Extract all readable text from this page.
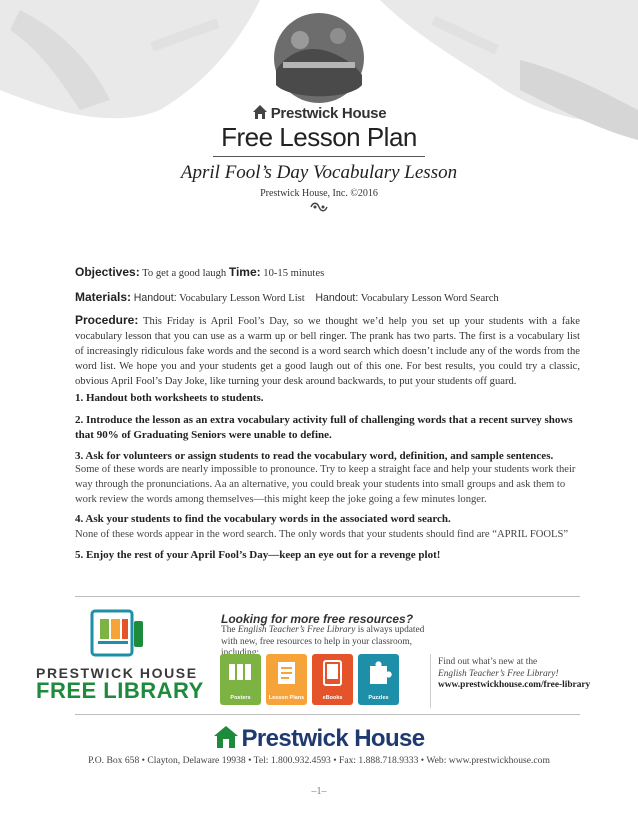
Prestwick House
Free Lesson Plan
April Fool’s Day Vocabulary Lesson
Prestwick House, Inc. ©2016
Objectives: To get a good laugh Time: 10-15 minutes
Materials: Handout: Vocabulary Lesson Word List Handout: Vocabulary Lesson Word Search
Procedure: This Friday is April Fool’s Day, so we thought we’d help you set up your students with a fake vocabulary lesson that you can use as a warm up or bell ringer. The prank has two parts. The first is a vocabulary list of increasingly ridiculous fake words and the second is a word search which doesn’t include any of the words from the word list. We hope you and your students get a good laugh out of this one. For best results, you could try a classic, obvious April Fool’s Day Joke, like turning your desk around backwards, to put your students off guard.
1. Handout both worksheets to students.
2. Introduce the lesson as an extra vocabulary activity full of challenging words that a recent survey shows that 90% of Graduating Seniors were unable to define.
3. Ask for volunteers or assign students to read the vocabulary word, definition, and sample sentences.
Some of these words are nearly impossible to pronounce. Try to keep a straight face and help your students work their way through the pronunciations. Aa an alternative, you could break your students into small groups and ask them to work review the words among themselves—this might keep the joke going a few minutes longer.
4. Ask your students to find the vocabulary words in the associated word search.
None of these words appear in the word search. The only words that your students should find are “APRIL FOOLS”
5. Enjoy the rest of your April Fool’s Day—keep an eye out for a revenge plot!
PRESTWICK HOUSE
FREE LIBRARY
Looking for more free resources?
The English Teacher’s Free Library is always updated with new, free resources to help in your classroom,
Posters	Lesson Plans	eBooks	Puzzles
Find out what’s new at the
English Teacher’s Free Library!
www.prestwickhouse.com/free-library
Prestwick House
P.O. Box 658 • Clayton, Delaware 19938 • Tel: 1.800.932.4593 • Fax: 1.888.718.9333 • Web: www.prestwickhouse.com
–1–
